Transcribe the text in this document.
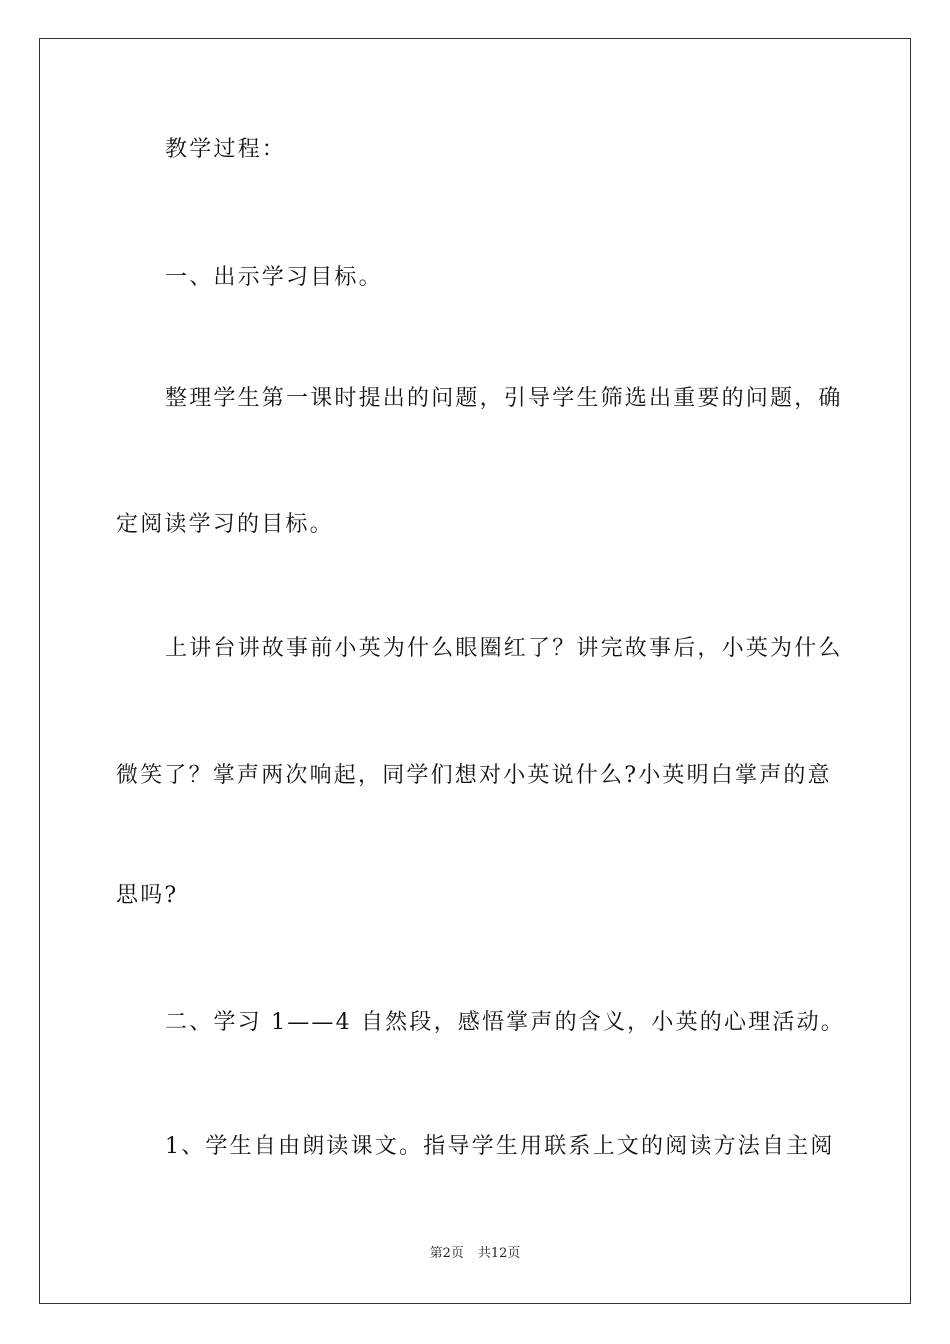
教学过程：
一、出示学习目标。
整理学生第一课时提出的问题，引导学生筛选出重要的问题，确
定阅读学习的目标。
上讲台讲故事前小英为什么眼圈红了？讲完故事后，小英为什么
微笑了？掌声两次响起，同学们想对小英说什么?小英明白掌声的意
思吗?
二、学习 1——4 自然段，感悟掌声的含义，小英的心理活动。
1、学生自由朗读课文。指导学生用联系上文的阅读方法自主阅
第2页 共12页
